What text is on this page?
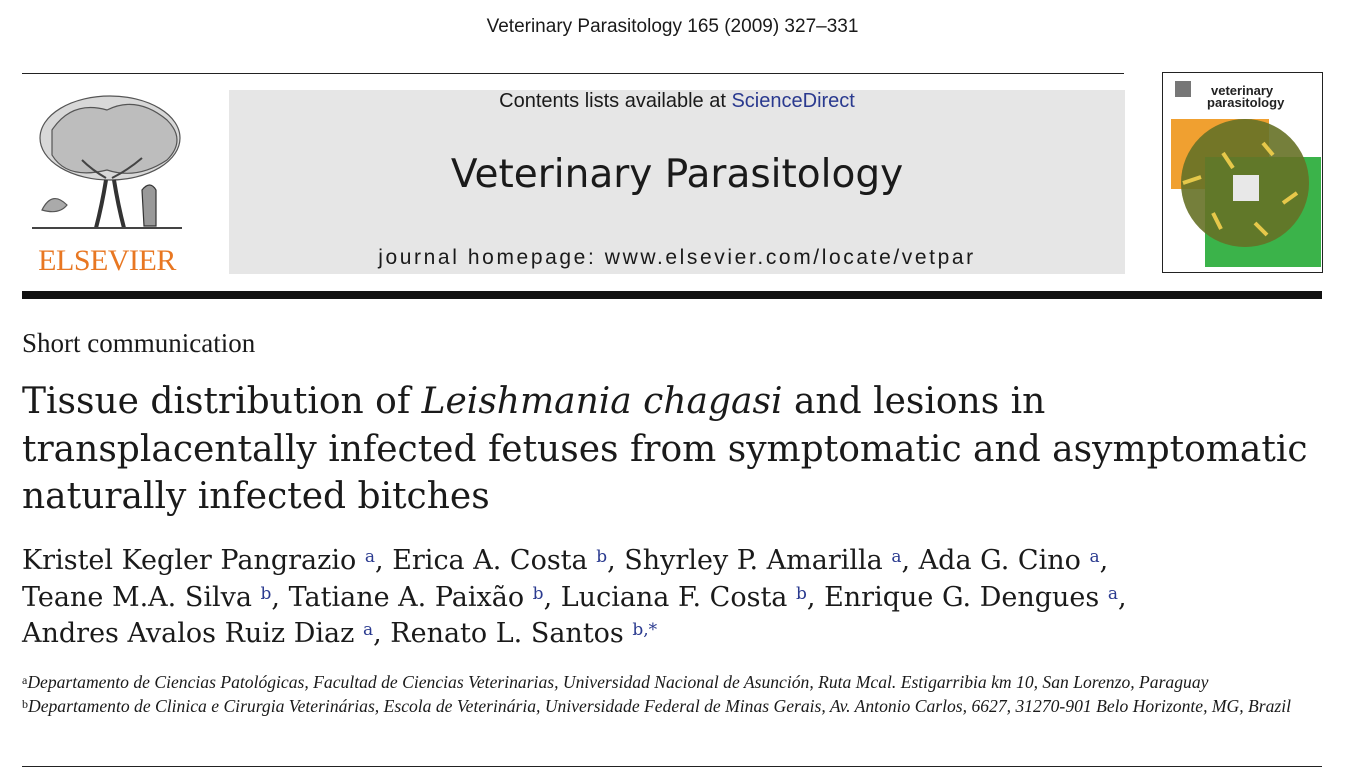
Veterinary Parasitology 165 (2009) 327–331
ELSEVIER
Contents lists available at ScienceDirect
Veterinary Parasitology
journal homepage: www.elsevier.com/locate/vetpar
veterinary
parasitology
Short communication
Tissue distribution of Leishmania chagasi and lesions in transplacentally infected fetuses from symptomatic and asymptomatic naturally infected bitches
Kristel Kegler Pangrazio $^a$, Erica A. Costa $^b$, Shyrley P. Amarilla $^a$, Ada G. Cino $^a$,
Teane M.A. Silva $^b$, Tatiane A. Paixão $^b$, Luciana F. Costa $^b$, Enrique G. Dengues $^a$,
Andres Avalos Ruiz Diaz $^a$, Renato L. Santos $^{b,*}$
$^a$Departamento de Ciencias Patológicas, Facultad de Ciencias Veterinarias, Universidad Nacional de Asunción, Ruta Mcal. Estigarribia km 10, San Lorenzo, Paraguay
$^b$Departamento de Clinica e Cirurgia Veterinárias, Escola de Veterinária, Universidade Federal de Minas Gerais, Av. Antonio Carlos, 6627, 31270-901 Belo Horizonte, MG, Brazil
